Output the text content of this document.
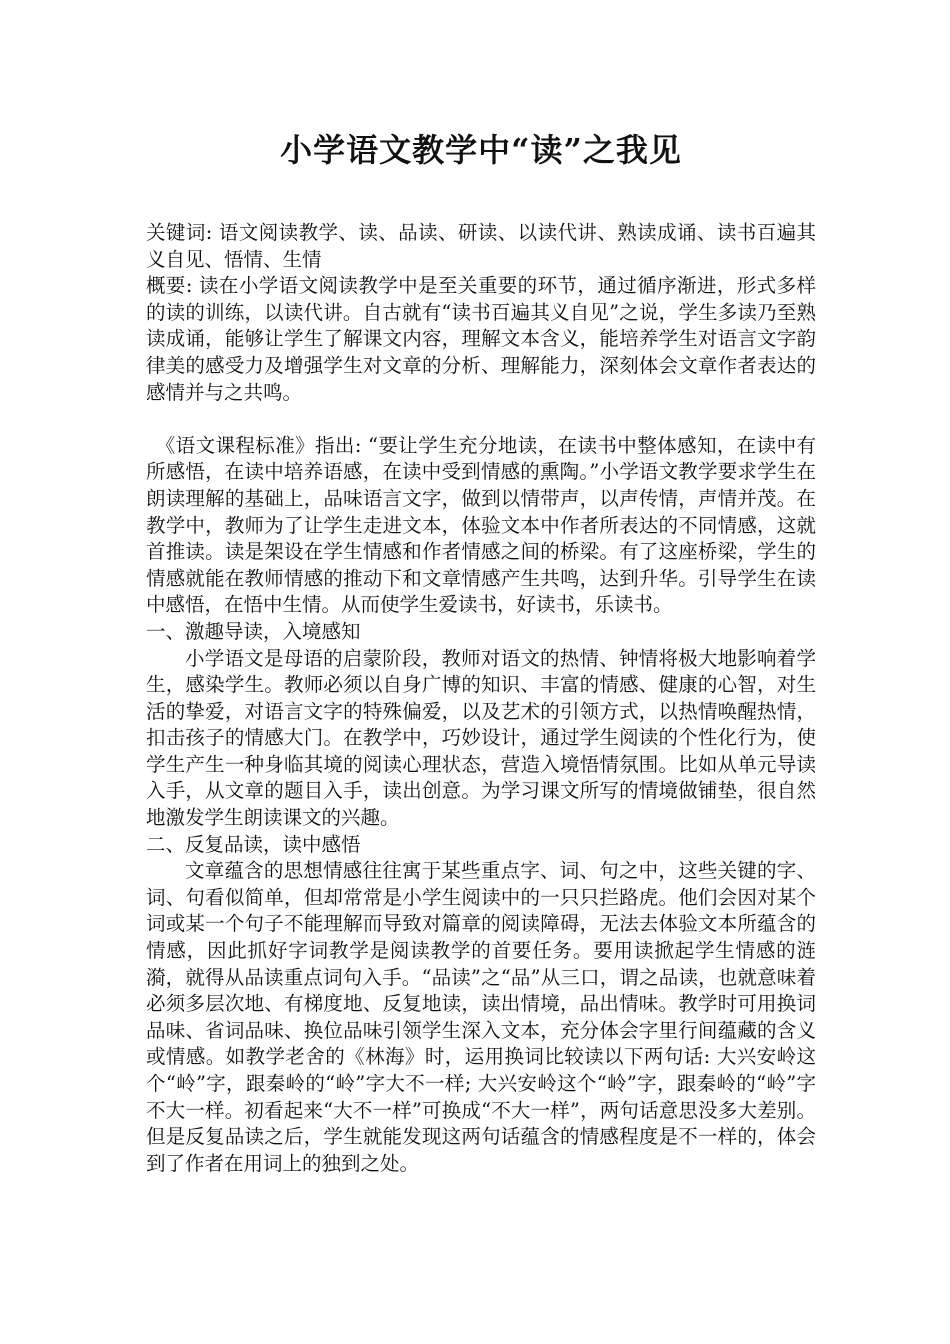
小学语文教学中“读”之我见

关键词: 语文阅读教学、读、品读、研读、以读代讲、熟读成诵、读书百遍其义自见、悟情、生情

概要: 读在小学语文阅读教学中是至关重要的环节，通过循序渐进，形式多样的读的训练，以读代讲。自古就有“读书百遍其义自见”之说，学生多读乃至熟读成诵，能够让学生了解课文内容，理解文本含义，能培养学生对语言文字韵律美的感受力及增强学生对文章的分析、理解能力，深刻体会文章作者表达的感情并与之共鸣。

《语文课程标准》指出: “要让学生充分地读，在读书中整体感知，在读中有所感悟，在读中培养语感，在读中受到情感的熏陶。”小学语文教学要求学生在朗读理解的基础上，品味语言文字，做到以情带声，以声传情，声情并茂。在教学中，教师为了让学生走进文本，体验文本中作者所表达的不同情感，这就首推读。读是架设在学生情感和作者情感之间的桥梁。有了这座桥梁，学生的情感就能在教师情感的推动下和文章情感产生共鸣，达到升华。引导学生在读中感悟，在悟中生情。从而使学生爱读书，好读书，乐读书。

一、激趣导读，入境感知

小学语文是母语的启蒙阶段，教师对语文的热情、钟情将极大地影响着学生，感染学生。教师必须以自身广博的知识、丰富的情感、健康的心智，对生活的挚爱，对语言文字的特殊偏爱，以及艺术的引领方式，以热情唤醒热情，扣击孩子的情感大门。在教学中，巧妙设计，通过学生阅读的个性化行为，使学生产生一种身临其境的阅读心理状态，营造入境悟情氛围。比如从单元导读入手，从文章的题目入手，读出创意。为学习课文所写的情境做铺垫，很自然地激发学生朗读课文的兴趣。

二、反复品读，读中感悟

文章蕴含的思想情感往往寓于某些重点字、词、句之中，这些关键的字、词、句看似简单，但却常常是小学生阅读中的一只只拦路虎。他们会因对某个词或某一个句子不能理解而导致对篇章的阅读障碍，无法去体验文本所蕴含的情感，因此抓好字词教学是阅读教学的首要任务。要用读掀起学生情感的涟漪，就得从品读重点词句入手。“品读”之“品”从三口，谓之品读，也就意味着必须多层次地、有梯度地、反复地读，读出情境，品出情味。教学时可用换词品味、省词品味、换位品味引领学生深入文本，充分体会字里行间蕴藏的含义或情感。如教学老舍的《林海》时，运用换词比较读以下两句话: 大兴安岭这个“岭”字，跟秦岭的“岭”字大不一样; 大兴安岭这个“岭”字，跟秦岭的“岭”字不大一样。初看起来“大不一样”可换成“不大一样”，两句话意思没多大差别。但是反复品读之后，学生就能发现这两句话蕴含的情感程度是不一样的，体会到了作者在用词上的独到之处。
